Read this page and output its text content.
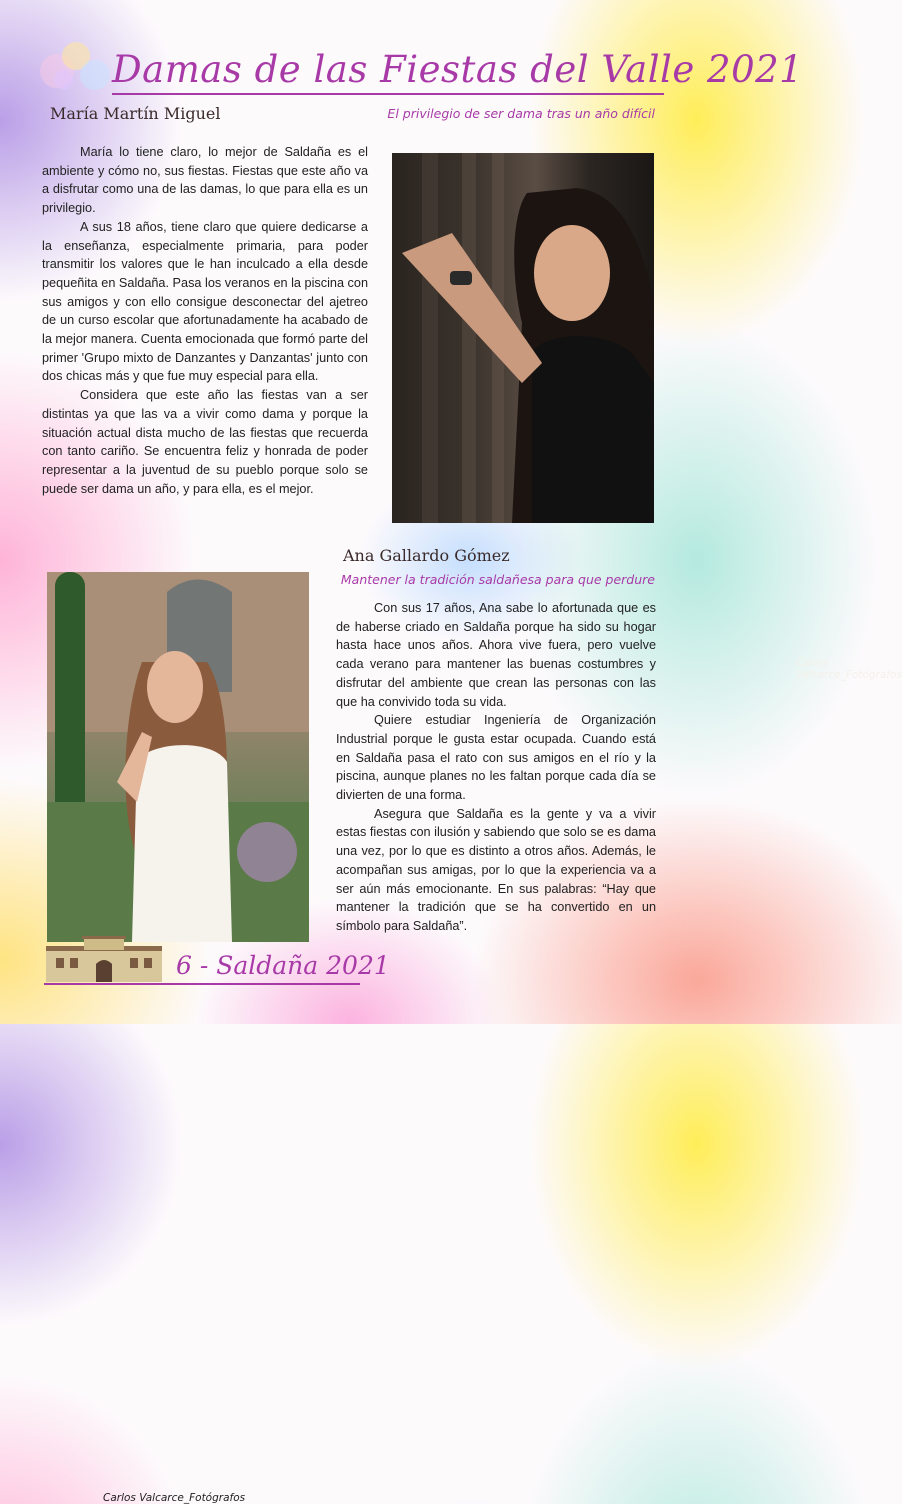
Damas de las Fiestas del Valle 2021
María Martín Miguel	El privilegio de ser dama tras un año difícil

María lo tiene claro, lo mejor de Saldaña es el ambiente y cómo no, sus fiestas. Fiestas que este año va a disfrutar como una de las damas, lo que para ella es un privilegio.

A sus 18 años, tiene claro que quiere dedicarse a la enseñanza, especialmente primaria, para poder transmitir los valores que le han inculcado a ella desde pequeñita en Saldaña. Pasa los veranos en la piscina con sus amigos y con ello consigue desconectar del ajetreo de un curso escolar que afortunadamente ha acabado de la mejor manera. Cuenta emocionada que formó parte del primer 'Grupo mixto de Danzantes y Danzantas' junto con dos chicas más y que fue muy especial para ella.

Considera que este año las fiestas van a ser distintas ya que las va a vivir como dama y porque la situación actual dista mucho de las fiestas que recuerda con tanto cariño. Se encuentra feliz y honrada de poder representar a la juventud de su pueblo porque solo se puede ser dama un año, y para ella, es el mejor.

Carlos Valcarce_Fotógrafos
Ana Gallardo Gómez
Mantener la tradición saldañesa para que perdure
Carlos Valcarce_Fotógrafos

Con sus 17 años, Ana sabe lo afortunada que es de haberse criado en Saldaña porque ha sido su hogar hasta hace unos años. Ahora vive fuera, pero vuelve cada verano para mantener las buenas costumbres y disfrutar del ambiente que crean las personas con las que ha convivido toda su vida.

Quiere estudiar Ingeniería de Organización Industrial porque le gusta estar ocupada. Cuando está en Saldaña pasa el rato con sus amigos en el río y la piscina, aunque planes no les faltan porque cada día se divierten de una forma.

Asegura que Saldaña es la gente y va a vivir estas fiestas con ilusión y sabiendo que solo se es dama una vez, por lo que es distinto a otros años. Además, le acompañan sus amigas, por lo que la experiencia va a ser aún más emocionante. En sus palabras: “Hay que mantener la tradición que se ha convertido en un símbolo para Saldaña”.

6 - Saldaña 2021
